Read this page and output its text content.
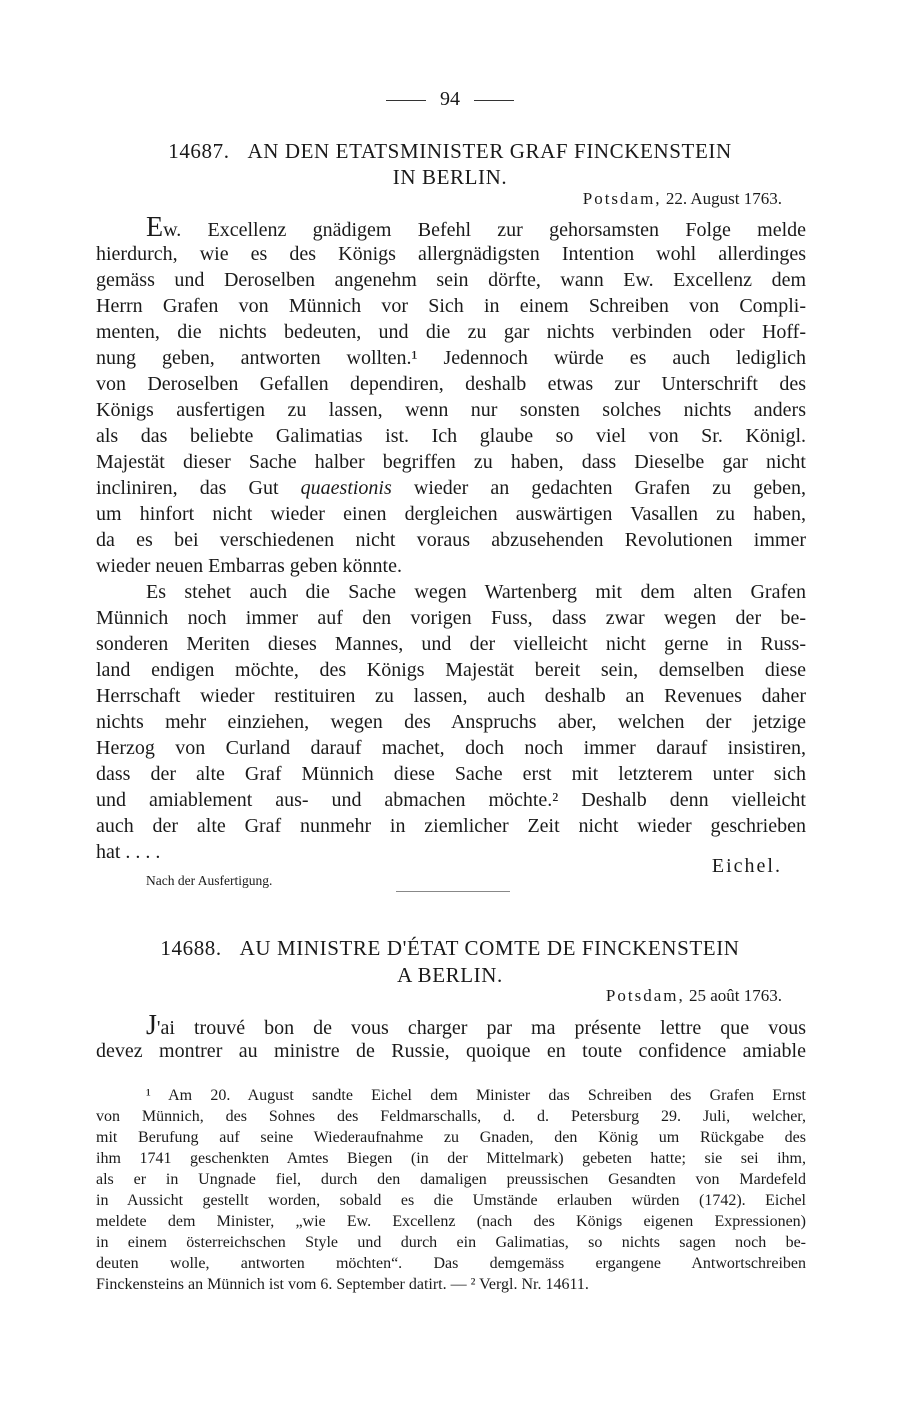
94
14687. AN DEN ETATSMINISTER GRAF FINCKENSTEIN
IN BERLIN.
Potsdam, 22. August 1763.
Ew. Excellenz gnädigem Befehl zur gehorsamsten Folge melde
hierdurch, wie es des Königs allergnädigsten Intention wohl allerdinges
gemäss und Deroselben angenehm sein dörfte, wann Ew. Excellenz dem
Herrn Grafen von Münnich vor Sich in einem Schreiben von Compli-
menten, die nichts bedeuten, und die zu gar nichts verbinden oder Hoff-
nung geben, antworten wollten.¹ Jedennoch würde es auch lediglich
von Deroselben Gefallen dependiren, deshalb etwas zur Unterschrift des
Königs ausfertigen zu lassen, wenn nur sonsten solches nichts anders
als das beliebte Galimatias ist. Ich glaube so viel von Sr. Königl.
Majestät dieser Sache halber begriffen zu haben, dass Dieselbe gar nicht
incliniren, das Gut quaestionis wieder an gedachten Grafen zu geben,
um hinfort nicht wieder einen dergleichen auswärtigen Vasallen zu haben,
da es bei verschiedenen nicht voraus abzusehenden Revolutionen immer
wieder neuen Embarras geben könnte.
Es stehet auch die Sache wegen Wartenberg mit dem alten Grafen
Münnich noch immer auf den vorigen Fuss, dass zwar wegen der be-
sonderen Meriten dieses Mannes, und der vielleicht nicht gerne in Russ-
land endigen möchte, des Königs Majestät bereit sein, demselben diese
Herrschaft wieder restituiren zu lassen, auch deshalb an Revenues daher
nichts mehr einziehen, wegen des Anspruchs aber, welchen der jetzige
Herzog von Curland darauf machet, doch noch immer darauf insistiren,
dass der alte Graf Münnich diese Sache erst mit letzterem unter sich
und amiablement aus- und abmachen möchte.² Deshalb denn vielleicht
auch der alte Graf nunmehr in ziemlicher Zeit nicht wieder geschrieben
hat . . . .
Eichel.
Nach der Ausfertigung.
14688. AU MINISTRE D'ÉTAT COMTE DE FINCKENSTEIN
A BERLIN.
Potsdam, 25 août 1763.
J'ai trouvé bon de vous charger par ma présente lettre que vous
devez montrer au ministre de Russie, quoique en toute confidence amiable
¹ Am 20. August sandte Eichel dem Minister das Schreiben des Grafen Ernst
von Münnich, des Sohnes des Feldmarschalls, d. d. Petersburg 29. Juli, welcher,
mit Berufung auf seine Wiederaufnahme zu Gnaden, den König um Rückgabe des
ihm 1741 geschenkten Amtes Biegen (in der Mittelmark) gebeten hatte; sie sei ihm,
als er in Ungnade fiel, durch den damaligen preussischen Gesandten von Mardefeld
in Aussicht gestellt worden, sobald es die Umstände erlauben würden (1742). Eichel
meldete dem Minister, „wie Ew. Excellenz (nach des Königs eigenen Expressionen)
in einem österreichschen Style und durch ein Galimatias, so nichts sagen noch be-
deuten wolle, antworten möchten“. Das demgemäss ergangene Antwortschreiben
Finckensteins an Münnich ist vom 6. September datirt. — ² Vergl. Nr. 14611.
